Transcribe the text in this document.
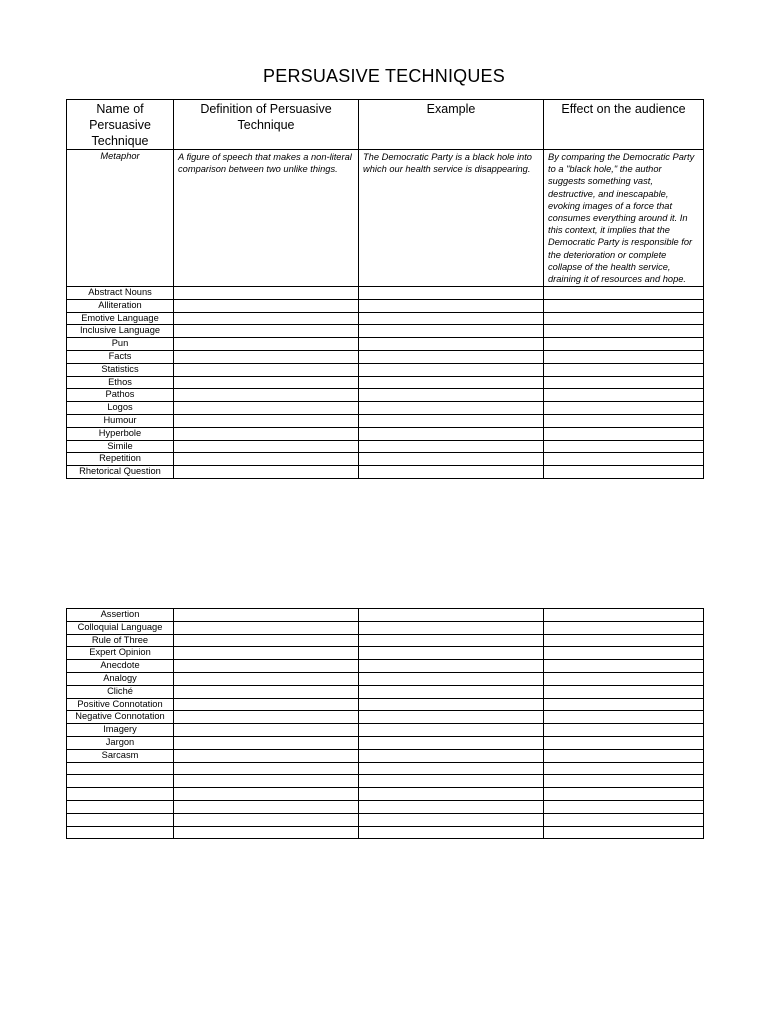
PERSUASIVE TECHNIQUES
Name of Persuasive Technique	Definition of Persuasive Technique	Example	Effect on the audience
Metaphor	A figure of speech that makes a non-literal comparison between two unlike things.	The Democratic Party is a black hole into which our health service is disappearing.	By comparing the Democratic Party to a "black hole," the author suggests something vast, destructive, and inescapable, evoking images of a force that consumes everything around it. In this context, it implies that the Democratic Party is responsible for the deterioration or complete collapse of the health service, draining it of resources and hope.
Abstract Nouns			
Alliteration			
Emotive Language			
Inclusive Language			
Pun			
Facts			
Statistics			
Ethos			
Pathos			
Logos			
Humour			
Hyperbole			
Simile			
Repetition			
Rhetorical Question			
Assertion			
Colloquial Language			
Rule of Three			
Expert Opinion			
Anecdote			
Analogy			
Cliché			
Positive Connotation			
Negative Connotation			
Imagery			
Jargon			
Sarcasm			
